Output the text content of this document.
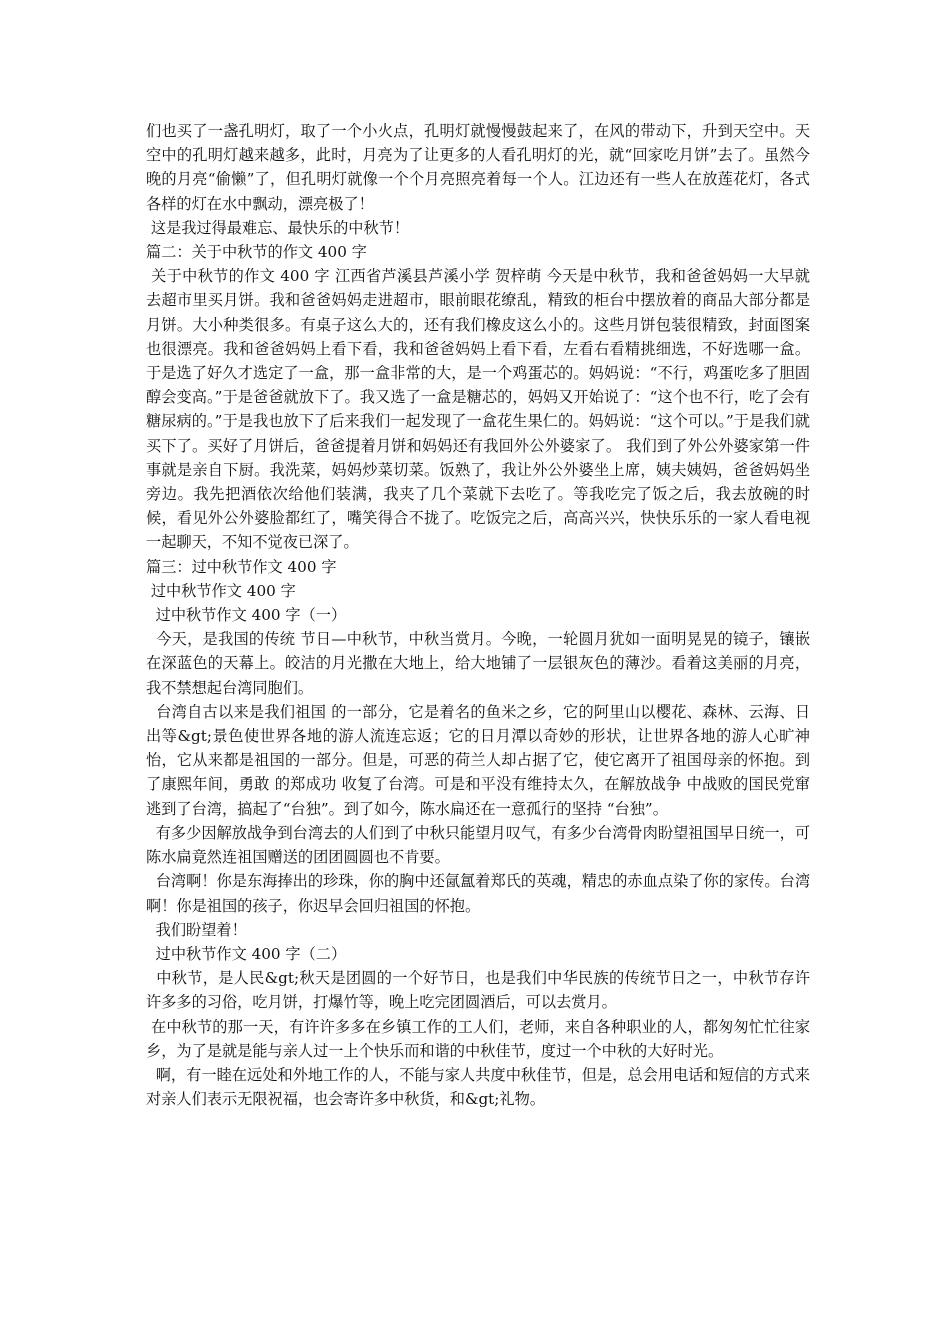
们也买了一盏孔明灯，取了一个小火点，孔明灯就慢慢鼓起来了，在风的带动下，升到天空中。天空中的孔明灯越来越多，此时，月亮为了让更多的人看孔明灯的光，就“回家吃月饼”去了。虽然今晚的月亮“偷懒”了，但孔明灯就像一个个月亮照亮着每一个人。江边还有一些人在放莲花灯，各式各样的灯在水中飘动，漂亮极了！

这是我过得最难忘、最快乐的中秋节！

篇二：关于中秋节的作文 400 字

关于中秋节的作文 400 字 江西省芦溪县芦溪小学 贺梓萌 今天是中秋节，我和爸爸妈妈一大早就去超市里买月饼。我和爸爸妈妈走进超市，眼前眼花缭乱，精致的柜台中摆放着的商品大部分都是月饼。大小种类很多。有桌子这么大的，还有我们橡皮这么小的。这些月饼包装很精致，封面图案也很漂亮。我和爸爸妈妈上看下看，我和爸爸妈妈上看下看，左看右看精挑细选，不好选哪一盒。于是选了好久才选定了一盒，那一盒非常的大，是一个鸡蛋芯的。妈妈说：“不行，鸡蛋吃多了胆固醇会变高。”于是爸爸就放下了。我又选了一盒是糖芯的，妈妈又开始说了：“这个也不行，吃了会有糖尿病的。”于是我也放下了后来我们一起发现了一盒花生果仁的。妈妈说：“这个可以。”于是我们就买下了。买好了月饼后，爸爸提着月饼和妈妈还有我回外公外婆家了。 我们到了外公外婆家第一件事就是亲自下厨。我洗菜，妈妈炒菜切菜。饭熟了，我让外公外婆坐上席，姨夫姨妈，爸爸妈妈坐旁边。我先把酒依次给他们装满，我夹了几个菜就下去吃了。等我吃完了饭之后，我去放碗的时候，看见外公外婆脸都红了，嘴笑得合不拢了。吃饭完之后，高高兴兴，快快乐乐的一家人看电视一起聊天，不知不觉夜已深了。

篇三：过中秋节作文 400 字

过中秋节作文 400 字

过中秋节作文 400 字（一）

今天，是我国的传统 节日—中秋节，中秋当赏月。今晚，一轮圆月犹如一面明晃晃的镜子，镶嵌在深蓝色的天幕上。皎洁的月光撒在大地上，给大地铺了一层银灰色的薄沙。看着这美丽的月亮，我不禁想起台湾同胞们。

台湾自古以来是我们祖国 的一部分，它是着名的鱼米之乡，它的阿里山以樱花、森林、云海、日出等&gt;景色使世界各地的游人流连忘返；它的日月潭以奇妙的形状，让世界各地的游人心旷神怡，它从来都是祖国的一部分。但是，可恶的荷兰人却占据了它，使它离开了祖国母亲的怀抱。到了康熙年间，勇敢 的郑成功 收复了台湾。可是和平没有维持太久，在解放战争 中战败的国民党窜逃到了台湾，搞起了“台独”。到了如今，陈水扁还在一意孤行的坚持 “台独”。

有多少因解放战争到台湾去的人们到了中秋只能望月叹气，有多少台湾骨肉盼望祖国早日统一，可陈水扁竟然连祖国赠送的团团圆圆也不肯要。

台湾啊！你是东海捧出的珍珠，你的胸中还氤氲着郑氏的英魂，精忠的赤血点染了你的家传。台湾啊！你是祖国的孩子，你迟早会回归祖国的怀抱。

我们盼望着！

过中秋节作文 400 字（二）

中秋节，是人民&gt;秋天是团圆的一个好节日，也是我们中华民族的传统节日之一，中秋节存许许多多的习俗，吃月饼，打爆竹等，晚上吃完团圆酒后，可以去赏月。

在中秋节的那一天，有许许多多在乡镇工作的工人们，老师，来自各种职业的人，都匆匆忙忙往家乡，为了是就是能与亲人过一上个快乐而和谐的中秋佳节，度过一个中秋的大好时光。

啊，有一睦在远处和外地工作的人，不能与家人共度中秋佳节，但是，总会用电话和短信的方式来对亲人们表示无限祝福，也会寄许多中秋货，和&gt;礼物。
